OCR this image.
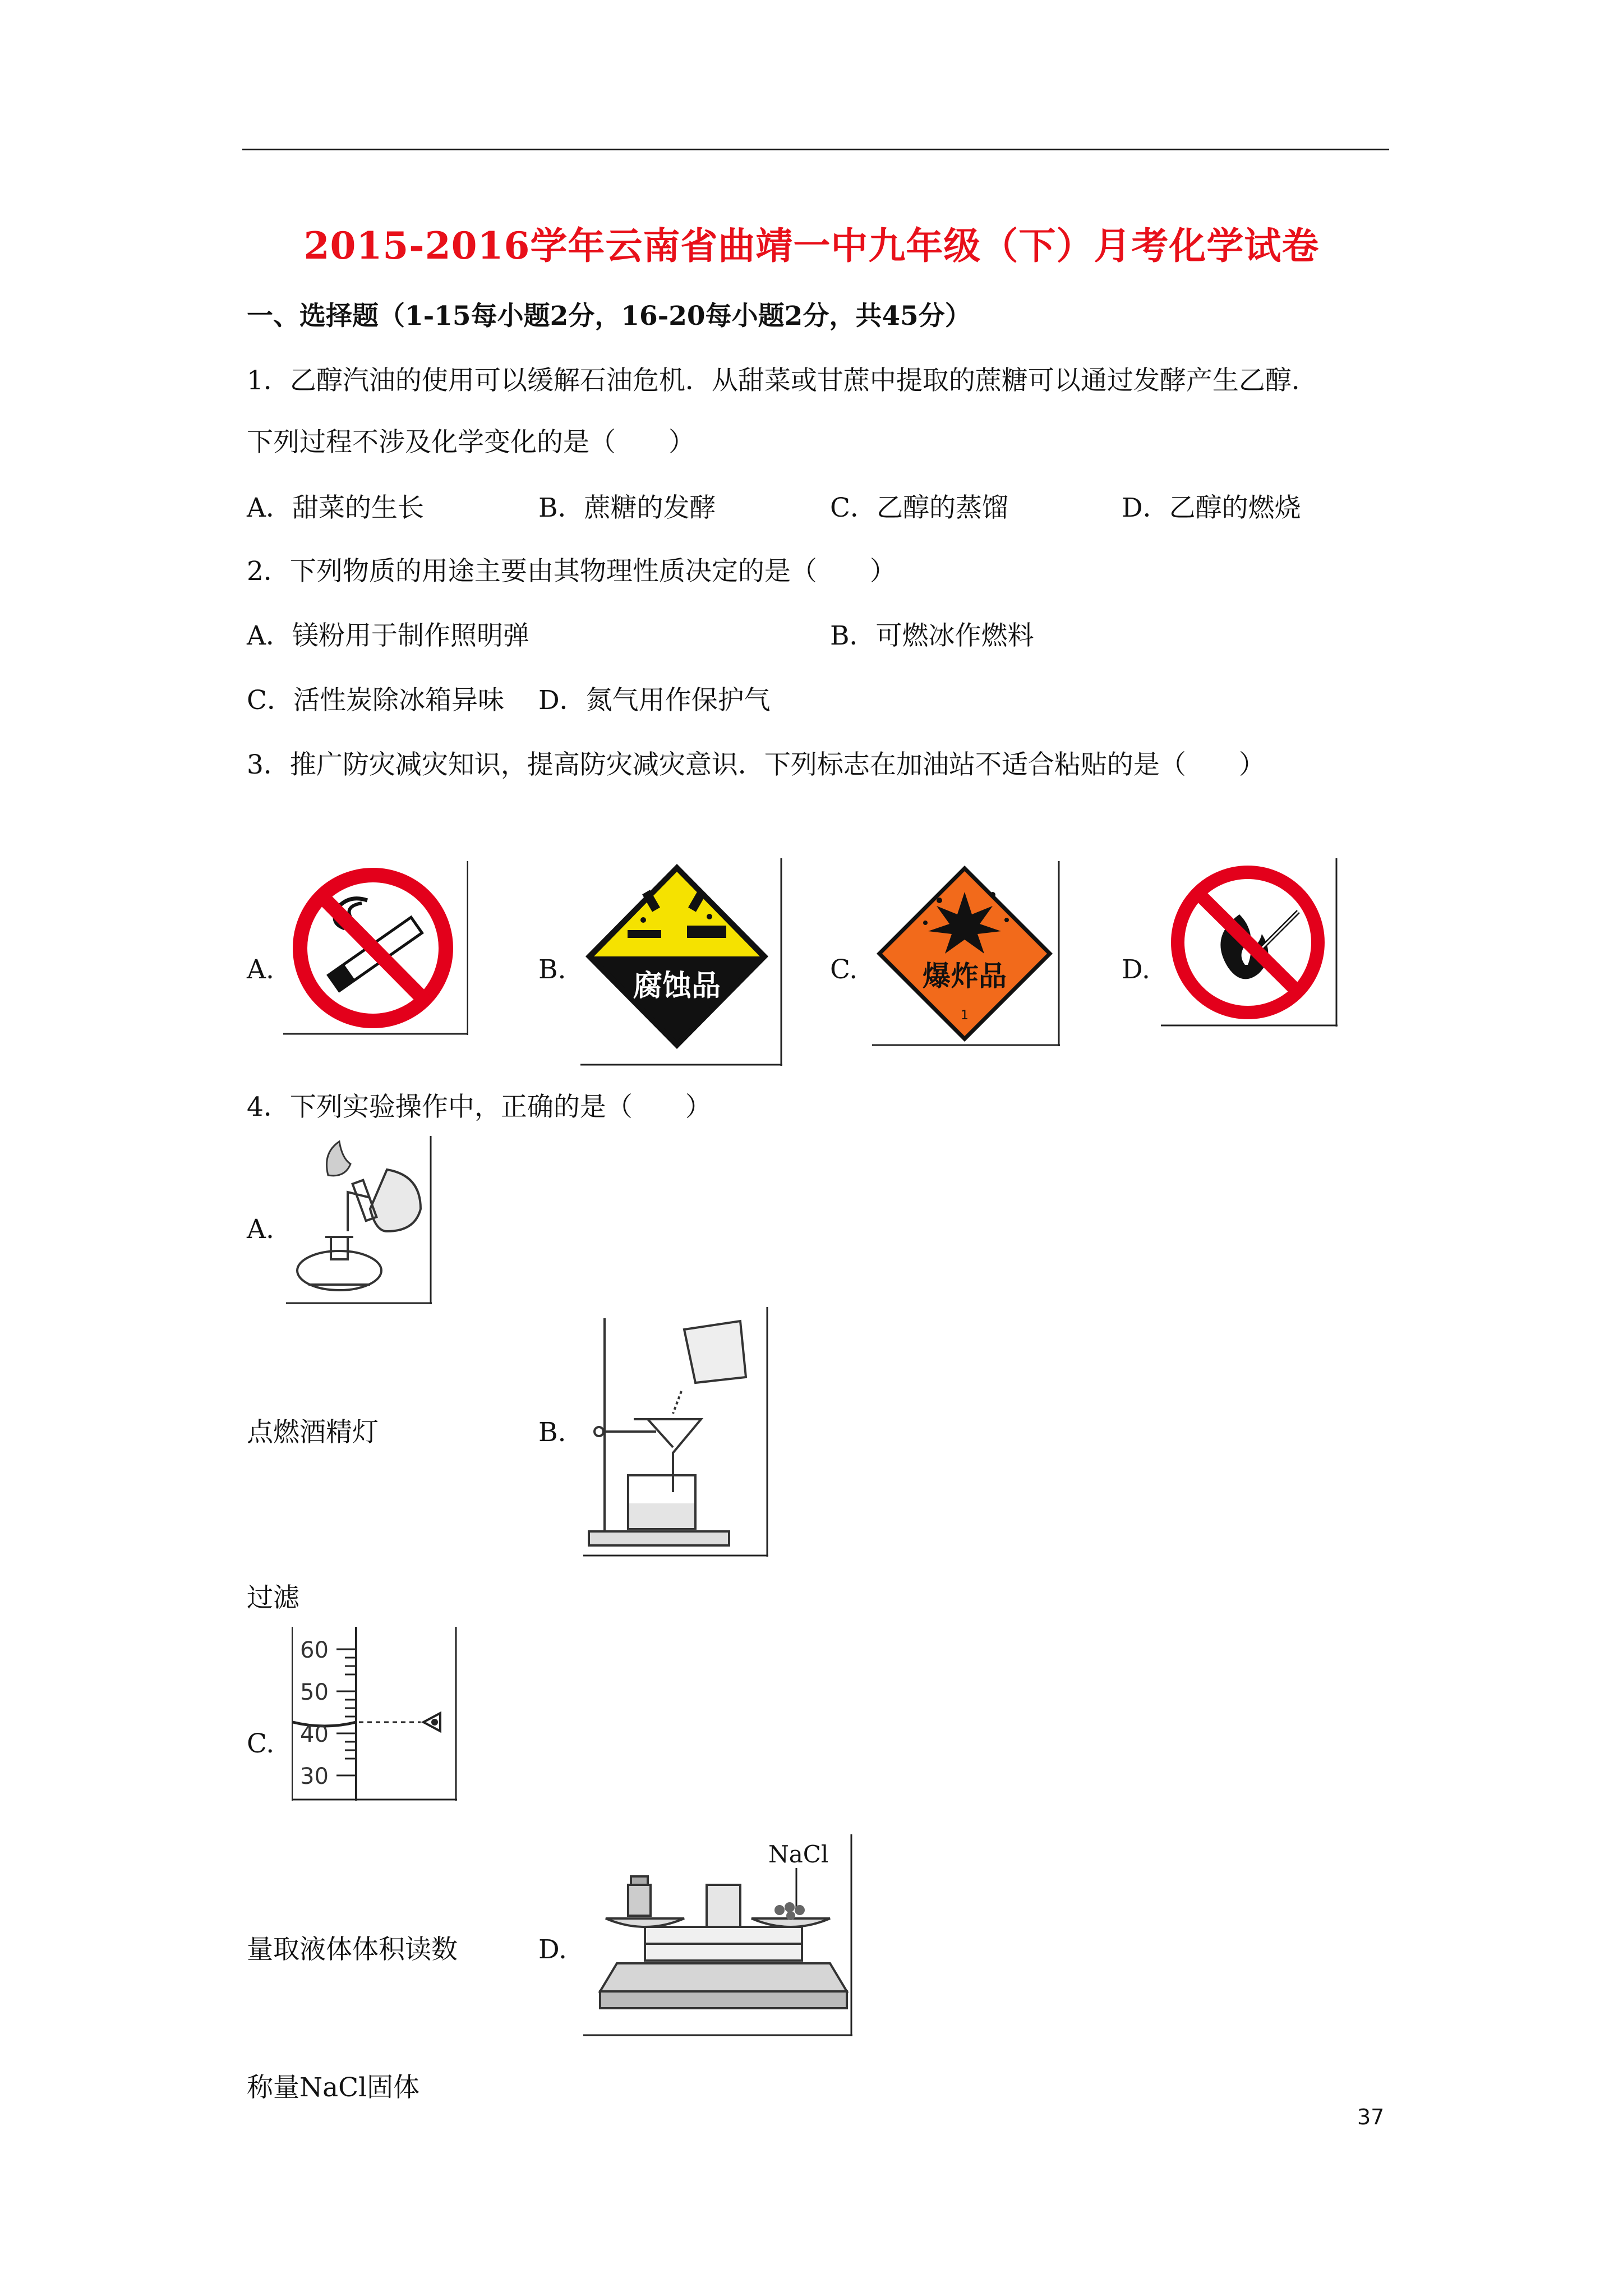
2015-2016学年云南省曲靖一中九年级（下）月考化学试卷
一、选择题（1-15每小题2分，16-20每小题2分，共45分）
1．乙醇汽油的使用可以缓解石油危机．从甜菜或甘蔗中提取的蔗糖可以通过发酵产生乙醇．
下列过程不涉及化学变化的是（　　）
A．甜菜的生长	B．蔗糖的发酵	C．乙醇的蒸馏	D．乙醇的燃烧
2．下列物质的用途主要由其物理性质决定的是（　　）
A．镁粉用于制作照明弹	B．可燃冰作燃料
C．活性炭除冰箱异味 D．氮气用作保护气
3．推广防灾减灾知识，提高防灾减灾意识．下列标志在加油站不适合粘贴的是（　　）
A.	B. 腐蚀品	C. 爆炸品
1
D.
4．下列实验操作中，正确的是（　　）
A.
点燃酒精灯	B.
过滤
C.
60
50
40
30
量取液体体积读数	D.
NaCl
称量NaCl固体
37
